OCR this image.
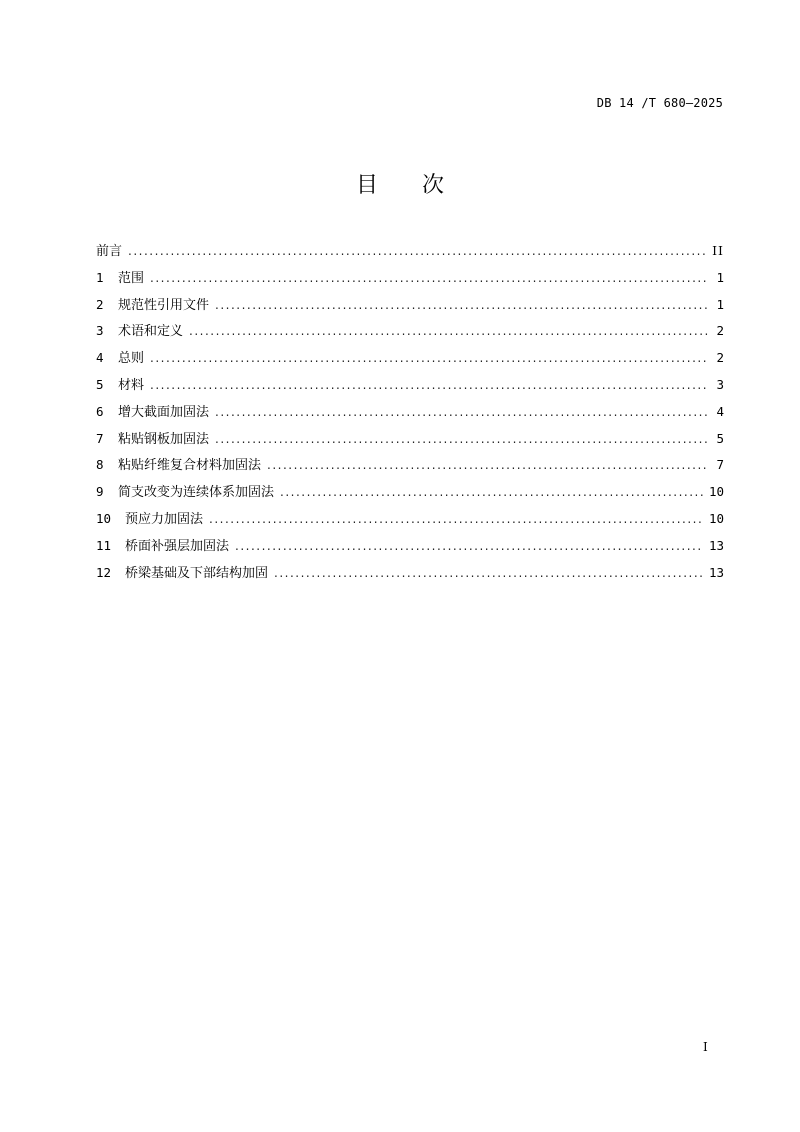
DB 14 /T 680—2025
目 次
前言 .....	II
1	范围 .....	1
2	规范性引用文件 .....	1
3	术语和定义 .....	2
4	总则 .....	2
5	材料 .....	3
6	增大截面加固法 .....	4
7	粘贴钢板加固法 .....	5
8	粘贴纤维复合材料加固法 .....	7
9	简支改变为连续体系加固法 .....	10
10	预应力加固法 .....	10
11	桥面补强层加固法 .....	13
12	桥梁基础及下部结构加固 .....	13
I
